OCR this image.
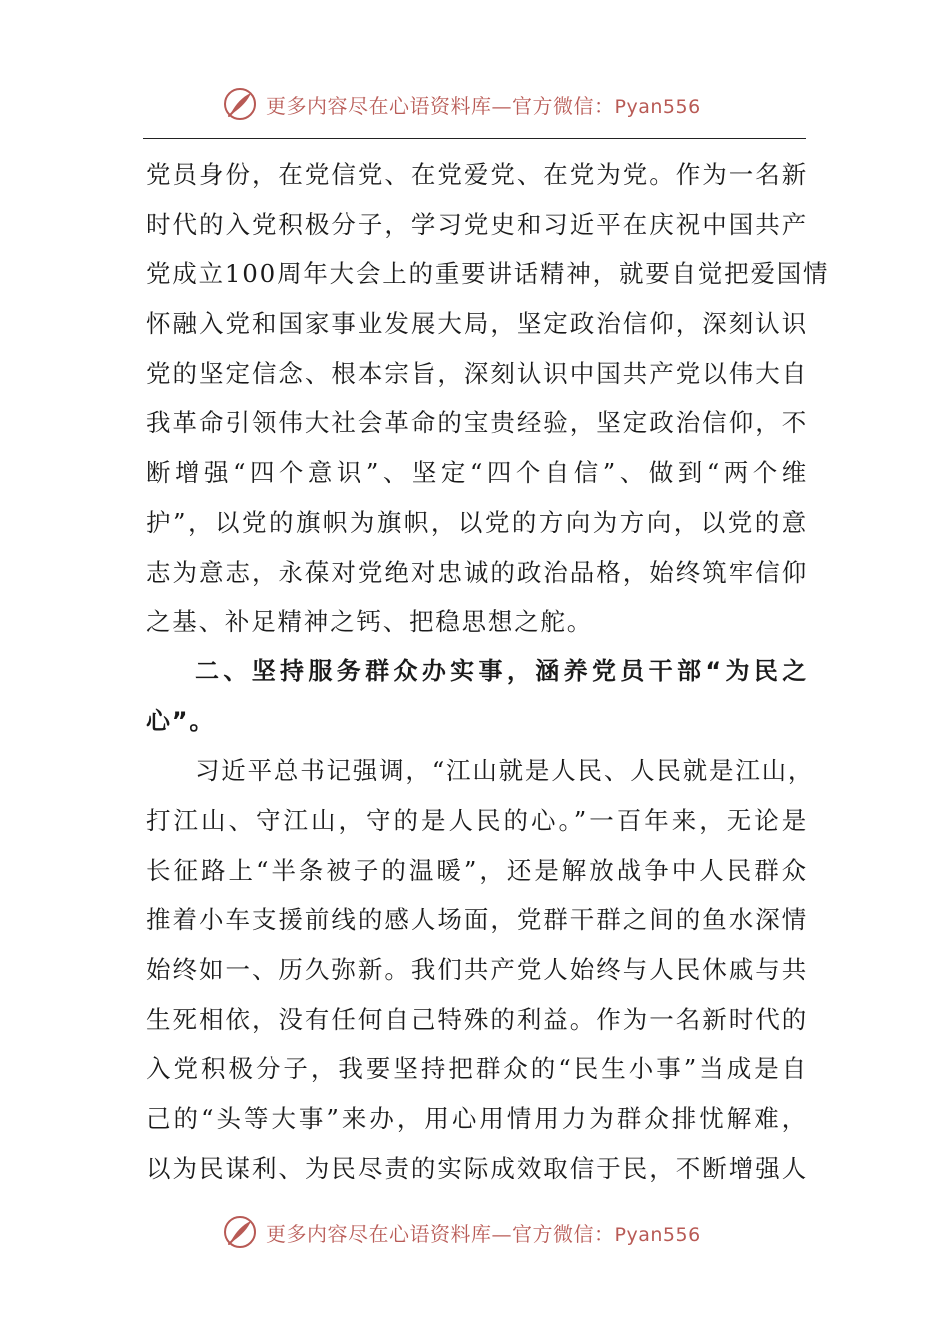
更多内容尽在心语资料库—官方微信：Pyan556
党员身份，在党信党、在党爱党、在党为党。作为一名新
时代的入党积极分子，学习党史和习近平在庆祝中国共产
党成立100周年大会上的重要讲话精神，就要自觉把爱国情
怀融入党和国家事业发展大局，坚定政治信仰，深刻认识
党的坚定信念、根本宗旨，深刻认识中国共产党以伟大自
我革命引领伟大社会革命的宝贵经验，坚定政治信仰，不
断增强“四个意识”、坚定“四个自信”、做到“两个维
护”，以党的旗帜为旗帜，以党的方向为方向，以党的意
志为意志，永葆对党绝对忠诚的政治品格，始终筑牢信仰
之基、补足精神之钙、把稳思想之舵。
二、坚持服务群众办实事，涵养党员干部“为民之
心”。
习近平总书记强调，“江山就是人民、人民就是江山，
打江山、守江山，守的是人民的心。”一百年来，无论是
长征路上“半条被子的温暖”，还是解放战争中人民群众
推着小车支援前线的感人场面，党群干群之间的鱼水深情
始终如一、历久弥新。我们共产党人始终与人民休戚与共
生死相依，没有任何自己特殊的利益。作为一名新时代的
入党积极分子，我要坚持把群众的“民生小事”当成是自
己的“头等大事”来办，用心用情用力为群众排忧解难，
以为民谋利、为民尽责的实际成效取信于民，不断增强人
更多内容尽在心语资料库—官方微信：Pyan556
